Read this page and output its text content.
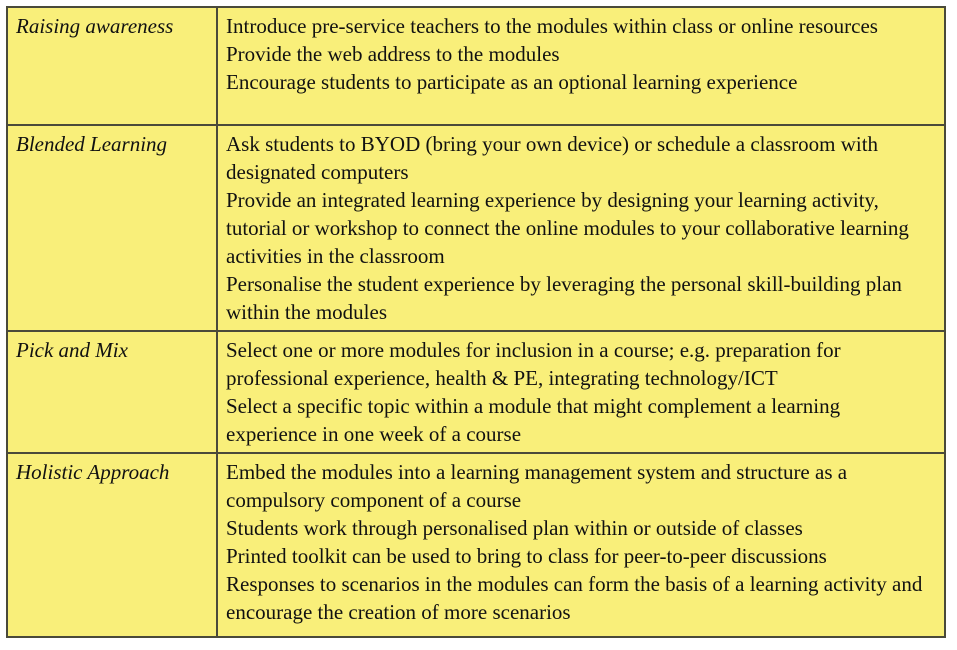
Raising awareness	Introduce pre-service teachers to the modules within class or online resources
Provide the web address to the modules
Encourage students to participate as an optional learning experience

Blended Learning	Ask students to BYOD (bring your own device) or schedule a classroom with designated computers
Provide an integrated learning experience by designing your learning activity, tutorial or workshop to connect the online modules to your collaborative learning activities in the classroom
Personalise the student experience by leveraging the personal skill-building plan within the modules

Pick and Mix	Select one or more modules for inclusion in a course; e.g. preparation for professional experience, health & PE, integrating technology/ICT
Select a specific topic within a module that might complement a learning experience in one week of a course

Holistic Approach	Embed the modules into a learning management system and structure as a compulsory component of a course
Students work through personalised plan within or outside of classes
Printed toolkit can be used to bring to class for peer-to-peer discussions
Responses to scenarios in the modules can form the basis of a learning activity and encourage the creation of more scenarios
